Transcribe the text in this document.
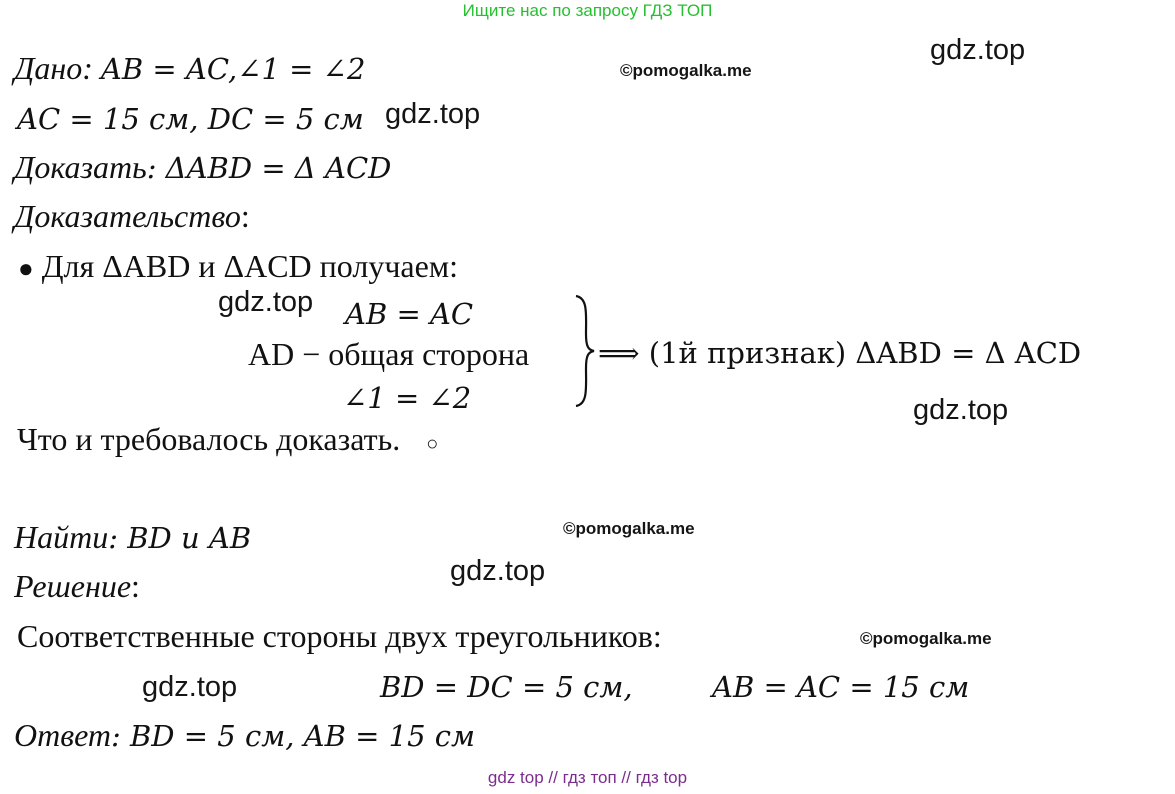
Ищите нас по запросу ГДЗ ТОП
gdz top // гдз топ // гдз top
gdz.top
©pomogalka.me
gdz.top
gdz.top
gdz.top
©pomogalka.me
gdz.top
©pomogalka.me
gdz.top
Дано: AB = AC,∠1 = ∠2
AC = 15 см, DC = 5 см
Доказать: ΔABD = Δ ACD
Доказательство:
● Для ΔABD и ΔACD получаем:
AB = AC
AD − общая сторона
∠1 = ∠2
⟹ (1й признак) ΔABD = Δ ACD
Что и требовалось доказать. ○
Найти: BD и AB
Решение:
Соответственные стороны двух треугольников:
BD = DC = 5 см,	AB = AC = 15 см
Ответ: BD = 5 см, AB = 15 см
